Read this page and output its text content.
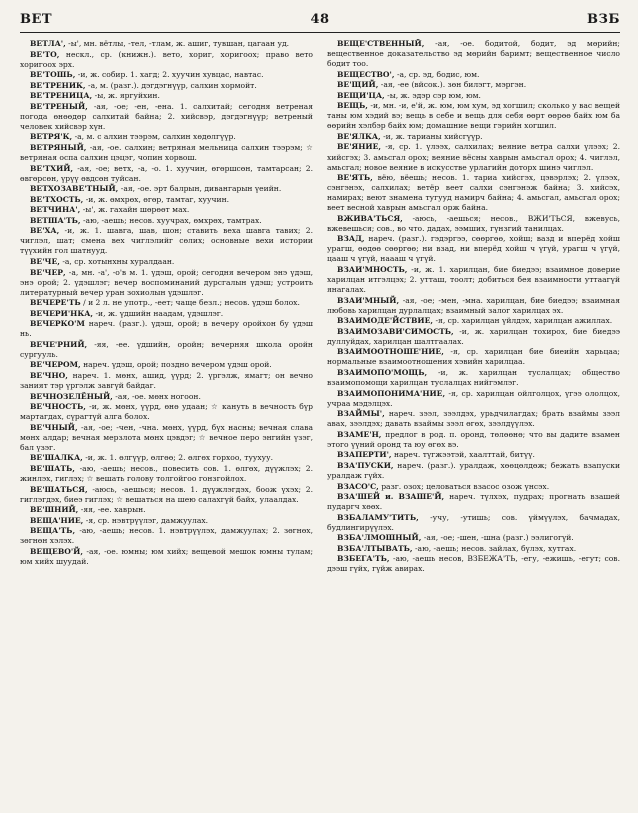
ВЕТ	48	ВЗБ

ВЕТЛА', -ы', мн. вётлы, -тел, -тлам, ж. ашиг, тувшан, цагаан уд.

ВЕ'ТО, нескл., ср. (книжн.). вето, хориг, хоригоох; право вето хоригоох эрх.

ВЕ'ТОШЬ, -и, ж. собир. 1. хагд; 2. хуучин хувцас, навтас.

ВЕ'ТРЕНИК, -а, м. (разг.). дэгдэгнүүр, салхин хормойт.

ВЕ'ТРЕНИЦА, -ы, ж. яргуйхин.

ВЕ'ТРЕНЫЙ, -ая, -ое; -ен, -ена. 1. салхитай; сегодня ветреная погода өнөөдөр салхитай байна; 2. хийсвэр, дэгдэгнүүр; ветреный человек хийсвэр хүн.

ВЕТРЯ'К, -а, м. с алхин тээрэм, салхин хөдөлгүүр.

ВЕТРЯНЫЙ, -ая, -ое. салхин; ветряная мельница салхин тээрэм; ☆ ветряная оспа салхин цэцэг, чопин хорвош.

ВЕ'ТХИЙ, -ая, -ое; ветх, -а, -о. 1. хуучин, өгөршсөн, тамтарсан; 2. өвгөрсөн, үрүү өвдсөн туйсан.

ВЕТХОЗАВЕ'ТНЫЙ, -ая, -ое. эрт балрын, дивангарын үеийн.

ВЕ'ТХОСТЬ, -и, ж. өмхрөх, өгөр, тамтаг, хуучин.

ВЕТЧИНА', -ы', ж. гахайн шөрөөт мах.

ВЕТША'ТЬ, -аю, -аешь; несов. хуучрах, өмхрөх, тамтрах.

ВЕ'ХА, -и, ж. 1. шавга, шав, шон; ставить веха шавга тавих; 2. чиглэл, шат; смена вех чиглэлийг сөлих; основные вехи истории түүхийн гол шатнууд.

ВЕ'ЧЕ, -а, ср. хотынхны хуралдаан.

ВЕ'ЧЕР, -а, мн. -а', -о'в м. 1. үдэш, орой; сегодня вечером энэ үдэш, энэ орой; 2. үдэшлэг; вечер воспоминаний дурсгалын үдэш; устроить литературный вечер уран зохиолын үдэшлэг.

ВЕЧЕРЕ'ТЬ / и 2 л. не употр., -еет; чаще безл.; несов. үдэш болох.

ВЕЧЕРИ'НКА, -и, ж. үдшийн наадам, үдэшлэг.

ВЕЧЕРКО'М нареч. (разг.). үдэш, орой; в вечеру оройхон бу үдэш нь.

ВЕЧЕ'РНИЙ, -яя, -ее. үдшийн, оройн; вечерняя школа оройн сургууль.

ВЕ'ЧЕРОМ, нареч. үдэш, орой; поздно вечером үдэш орой.

ВЕ'ЧНО, нареч. 1. мөнх, ашид, үүрд; 2. үргэлж, ямагт; он вечно заният тэр үргэлж завгүй байдаг.

ВЕЧНОЗЕЛЁНЫЙ, -ая, -ое. мөнх ногоон.

ВЕ'ЧНОСТЬ, -и, ж. мөнх, үүрд, өнө удаан; ☆ кануть в вечность бүр мартагдах, сүрагтүй алга болох.

ВЕ'ЧНЫЙ, -ая, -ое; -чен, -чна. мөнх, үүрд, бүх насны; вечная слава мөнх алдар; вечная мерзлота мөнх цэвдэг; ☆ вечное перо энгийн үзэг, бал үзэг.

ВЕ'ШАЛКА, -и, ж. 1. өлгүүр, өлгөө; 2. өлгөх горхоо, туухуу.

ВЕ'ШАТЬ, -аю, -аешь; несов., повесить сов. 1. өлгөх, дүүжлэх; 2. жинлэх, гиглэх; ☆ вешать голову толгойгоо гонзгойлох.

ВЕ'ШАТЬСЯ, -аюсь, -аешься; несов. 1. дүүжлэгдэх, боож үхэх; 2. гиглэгдэх, биеэ гиглэх; ☆ вешаться на шею салахгүй байх, улаалдах.

ВЕ'ШНИЙ, -яя, -ее. хаврын.

ВЕЩА'НИЕ, -я, ср. нэвтрүүлэг, дамжуулах.

ВЕЩА'ТЬ, -аю, -аешь; несов. 1. нэвтрүүлэх, дамжуулах; 2. зөгнөх, зөгнөн хэлэх.

ВЕЩЕВО'Й, -ая, -ое. юмны; юм хийх; вещевой мешок юмны тулам; юм хийх шуудай.

ВЕЩЕ'СТВЕННЫЙ, -ая, -ое. бодитой, бодит, эд мөрийн; вещественное доказательство эд мөрийн баримт; вещественное число бодит тоо.

ВЕЩЕСТВО', -а, ср. эд, бодис, юм.

ВЕ'ЩИЙ, -ая, -ее (вйсок.). зөн билэгт, мэргэн.

ВЕЩИ'ЦА, -ы, ж. эдэр сэр юм, юм.

ВЕЩЬ, -и, мн. -и, е'й, ж. юм, юм хум, эд хогшил; сколько у вас вещей таны юм хэдий вэ; вещь в себе и вещь для себя өөрт өөрөө байх юм ба өөрийн хэлбэр байх юм; домашние вещи гэрийн хогшил.

ВЕ'ЯЛКА, -и, ж. тарианы хийсгүүр.

ВЕ'ЯНИЕ, -я, ср. 1. үлээх, салхилах; веяние ветра салхи үлээх; 2. хийсгэх; 3. амьсгал орох; веяние вёсны хаврын амьсгал орох; 4. чиглэл, амьсгал; новое веяние в искусстве урлагийн доторх шинэ чиглэл.

ВЕ'ЯТЬ, вёю, вёешь; несов. 1. тариа хийсгэх, цэвэрлэх; 2. үлээх, сэнгэнэх, салхилах; ветёр веет салхи сэнгэнэж байна; 3. хийсэх, намирах; веют знамена тугууд намирч байна; 4. амьсгал, амьсгал орох; веет весной хаврын амьсгал орж байна.

ВЖИВА'ТЬСЯ, -аюсь, -аешься; несов., ВЖИ'ТЬСЯ, вжевусь, вжевешься; сов., во что. дадах, ээмших, гүнзгий танилцах.

ВЗАД, нареч. (разг.). гэдэргээ, сөөргөө, хойш; вазд и вперёд хойш урагш, өөдөө сөөргөө; ни взад, ни вперёд хойш ч үгүй, урагш ч үгүй, цааш ч үгүй, наааш ч үгүй.

ВЗАИ'МНОСТЬ, -и, ж. 1. харилцан, бие биедээ; взаимное доверие харилцан итгэлцэх; 2. утташ, тоолт; добиться бея взаимности уттаагүй янагалах.

ВЗАИ'МНЫЙ, -ая, -ое; -мен, -мна. харилцан, бие биедээ; взаимная любовь харилцан дурлалцах; взаимный залог харилцах эх.

ВЗАИМОДЕ'ЙСТВИЕ, -я, ср. харилцан үйлдэх, харилцан ажиллах.

ВЗАИМОЗАВИ'СИМОСТЬ, -и, ж. харилцан тохирох, бие биедээ дуллуйдах, харилцан шалтгаалах.

ВЗАИМООТНОШЕ'НИЕ, -я, ср. харилцан бие биеийн харьцаа; нормальные взаимоотношения хэвийн харилцаа.

ВЗАИМОПО'МОЩЬ, -и, ж. харилцан туслалцах; общество взаимопомощи харилцан туслалцах нийгэмлэг.

ВЗАИМОПОНИМА'НИЕ, -я, ср. харилцан ойлголцох, үгээ ололцох, учраа мэдэлцэх.

ВЗАЙМЫ', нареч. зээл, зээлдэх, урьдчилагдах; брать взаймы зээл авах, зээлдэх; давать взаймы зээл өгөх, зээлдүүлэх.

ВЗАМЕ'Н, предлог в род. п. оронд, төлөөнө; что вы дадите взамен этого үүний оронд та юу өгөх вэ.

ВЗАПЕРТИ', нареч. түгжээтэй, хаалттай, битүү.

ВЗА'ПУСКИ, нареч. (разг.). уралдаж, хөөцөлдөж; бежать взапуски уралдаж гүйх.

ВЗАСО'С, разг. озох; целоваться взасос озож үнсэх.

ВЗА'ШЕЙ и. ВЗАШЕ'Й, нареч. түлхэх, пудрах; прогнать взашей пударгч хөөх.

ВЗБАЛАМУ'ТИТЬ, -учу, -утишь; сов. үймүүлэх, бачмадах, будлингирүүлэх.

ВЗБА'ЛМОШНЫЙ, -ая, -ое; -шен, -шна (разг.) ээлигогүй.

ВЗБА'ЛТЫВАТЬ, -аю, -аешь; несов. зайлах, бүлэх, хутгах.

ВЗБЕГА'ТЬ, -аю, -аешь несов, ВЗБЕЖА'ТЬ, -егу, -ежишь, -егут; сов. дээш гүйх, гүйж авирах.
